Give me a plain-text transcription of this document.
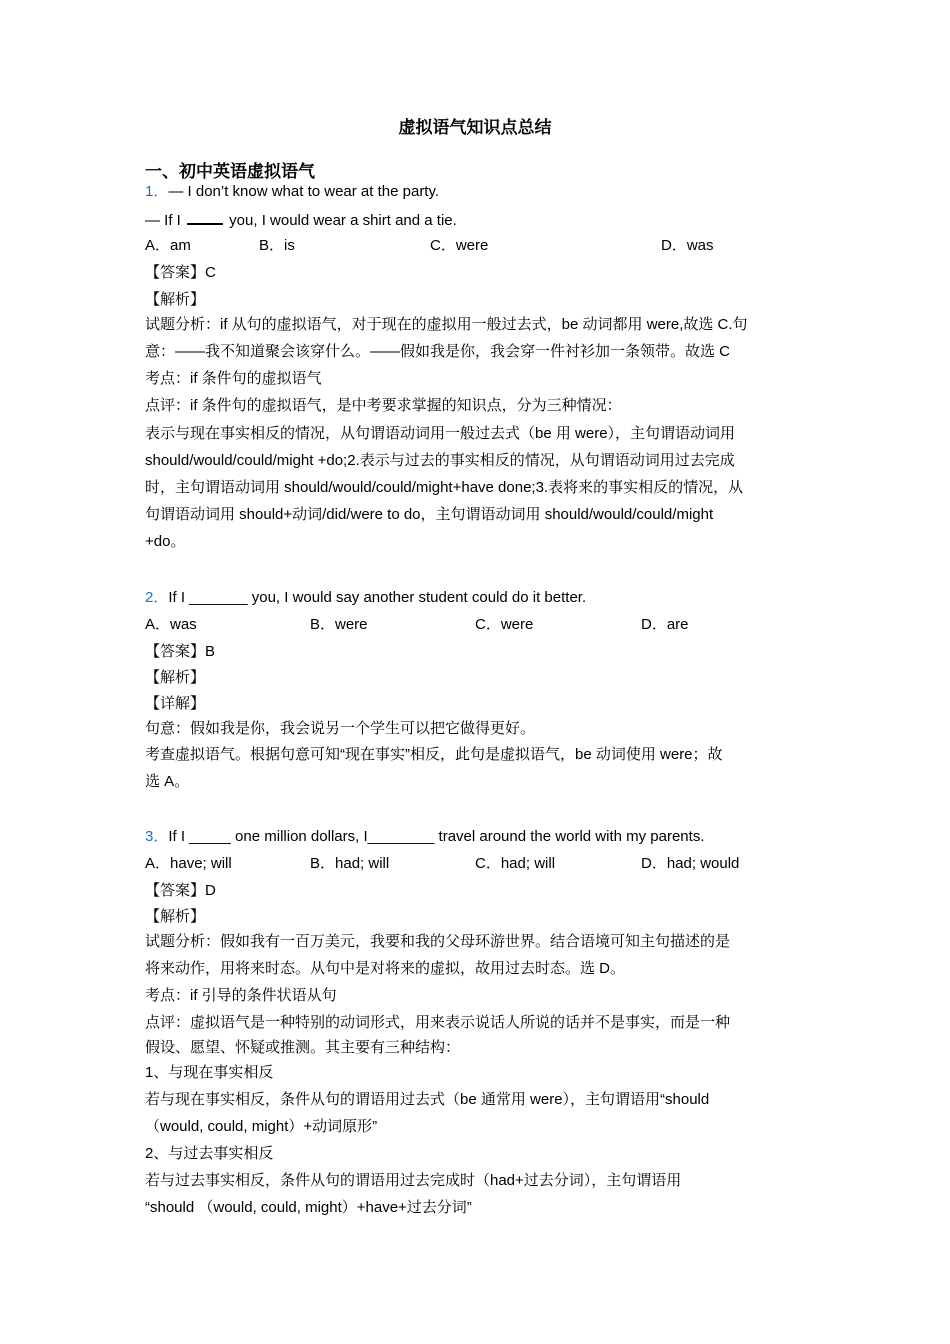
虚拟语气知识点总结
一、初中英语虚拟语气
1．— I don’t know what to wear at the party.
— If I	you, I would wear a shirt and a tie.
A．am	B．is	C．were	D．was
【答案】C
【解析】
试题分析：if 从句的虚拟语气，对于现在的虚拟用一般过去式，be 动词都用 were,故选 C.句
意：——我不知道聚会该穿什么。——假如我是你，我会穿一件衬衫加一条领带。故选 C
考点：if 条件句的虚拟语气
点评：if 条件句的虚拟语气，是中考要求掌握的知识点，分为三种情况：
表示与现在事实相反的情况，从句谓语动词用一般过去式（be 用 were），主句谓语动词用
should/would/could/might +do;2.表示与过去的事实相反的情况，从句谓语动词用过去完成
时，主句谓语动词用 should/would/could/might+have done;3.表将来的事实相反的情况，从
句谓语动词用 should+动词/did/were to do，主句谓语动词用 should/would/could/might
+do。
2．If I _______ you, I would say another student could do it better.
A．was	B．were	C．were	D．are
【答案】B
【解析】
【详解】
句意：假如我是你，我会说另一个学生可以把它做得更好。
考查虚拟语气。根据句意可知“现在事实”相反，此句是虚拟语气，be 动词使用 were；故
选 A。
3．If I _____ one million dollars, I________ travel around the world with my parents.
A．have; will	B．had; will	C．had; will	D．had; would
【答案】D
【解析】
试题分析：假如我有一百万美元，我要和我的父母环游世界。结合语境可知主句描述的是
将来动作，用将来时态。从句中是对将来的虚拟，故用过去时态。选 D。
考点：if 引导的条件状语从句
点评：虚拟语气是一种特别的动词形式，用来表示说话人所说的话并不是事实，而是一种
假设、愿望、怀疑或推测。其主要有三种结构：
1、与现在事实相反
若与现在事实相反，条件从句的谓语用过去式（be 通常用 were），主句谓语用“should
（would, could, might）+动词原形”
2、与过去事实相反
若与过去事实相反，条件从句的谓语用过去完成时（had+过去分词），主句谓语用
“should （would, could, might）+have+过去分词”
